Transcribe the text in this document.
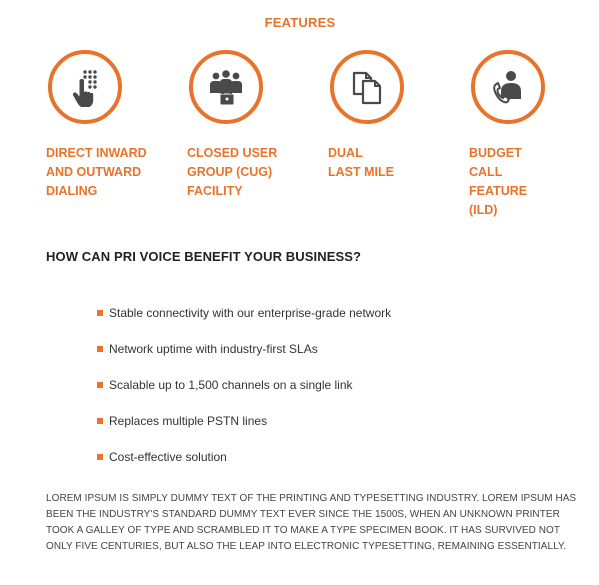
FEATURES
DIRECT INWARD
AND OUTWARD
DIALING
CLOSED USER
GROUP (CUG)
FACILITY
DUAL
LAST MILE
BUDGET
CALL
FEATURE
(ILD)
HOW CAN PRI VOICE BENEFIT YOUR BUSINESS?
Stable connectivity with our enterprise-grade network
Network uptime with industry-first SLAs
Scalable up to 1,500 channels on a single link
Replaces multiple PSTN lines
Cost-effective solution
LOREM IPSUM IS SIMPLY DUMMY TEXT OF THE PRINTING AND TYPESETTING INDUSTRY. LOREM IPSUM HAS BEEN THE INDUSTRY'S STANDARD DUMMY TEXT EVER SINCE THE 1500S, WHEN AN UNKNOWN PRINTER TOOK A GALLEY OF TYPE AND SCRAMBLED IT TO MAKE A TYPE SPECIMEN BOOK. IT HAS SURVIVED NOT ONLY FIVE CENTURIES, BUT ALSO THE LEAP INTO ELECTRONIC TYPESETTING, REMAINING ESSENTIALLY.
